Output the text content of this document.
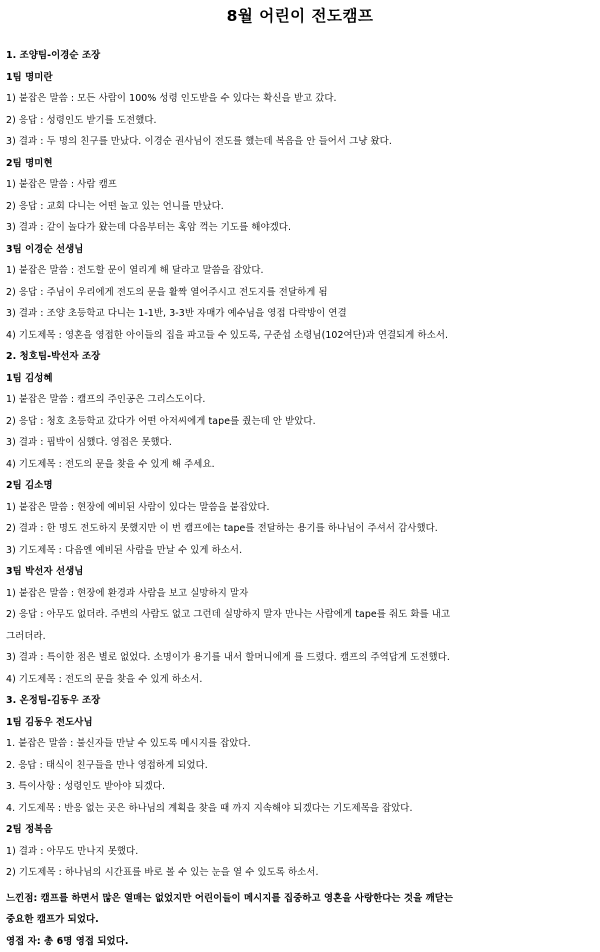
8월 어린이 전도캠프
1. 조양팀-이경순 조장
1팀 명미란
1) 붙잡은 말씀 : 모든 사람이 100% 성령 인도받을 수 있다는 확신을 받고 갔다.
2) 응답 : 성령인도 받기를 도전했다.
3) 결과 : 두 명의 친구를 만났다. 이경순 권사님이 전도를 했는데 복음을 안 들어서 그냥 왔다.
2팀 명미현
1) 붙잡은 말씀 : 사람 캠프
2) 응답 : 교회 다니는 어떤 놀고 있는 언니를 만났다.
3) 결과 : 같이 놀다가 왔는데 다음부터는 혹암 꺽는 기도를 해야겠다.
3팀 이경순 선생님
1) 붙잡은 말씀 : 전도할 문이 열리게 해 달라고 말씀을 잡았다.
2) 응답 : 주님이 우리에게 전도의 문을 활짝 열어주시고 전도지를 전달하게 됨
3) 결과 : 조양 초등학교 다니는 1-1반, 3-3반 자매가 예수님을 영접 다락방이 연결
4) 기도제목 : 영혼을 영접한 아이들의 집을 파고들 수 있도록, 구준섭 소령님(102여단)과 연결되게 하소서.
2. 청호팀-박선자 조장
1팀 김성혜
1) 붙잡은 말씀 : 캠프의 주인공은 그리스도이다.
2) 응답 : 청호 초등학교 갔다가 어떤 아저씨에게 tape를 줬는데 안 받았다.
3) 결과 : 핍박이 심했다. 영접은 못했다.
4) 기도제목 : 전도의 문을 찾을 수 있게 해 주세요.
2팀 김소명
1) 붙잡은 말씀 : 현장에 예비된 사람이 있다는 말씀을 붙잡았다.
2) 결과 : 한 명도 전도하지 못했지만 이 번 캠프에는 tape를 전달하는 용기를 하나님이 주셔서 감사했다.
3) 기도제목 : 다음엔 예비된 사람을 만날 수 있게 하소서.
3팀 박선자 선생님
1) 붙잡은 말씀 : 현장에 환경과 사람을 보고 실망하지 말자
2) 응답 : 아무도 없더라. 주변의 사람도 없고 그런데 실망하지 말자 만나는 사람에게 tape를 줘도 화를 내고
그러더라.
3) 결과 : 특이한 점은 별로 없었다. 소명이가 용기를 내서 할머니에게 를 드렸다. 캠프의 주역답게 도전했다.
4) 기도제목 : 전도의 문을 찾을 수 있게 하소서.
3. 온정팀-김동우 조장
1팀 김동우 전도사님
1. 붙잡은 말씀 : 불신자들 만날 수 있도록 메시지를 잡았다.
2. 응답 : 태식이 친구들을 만나 영접하게 되었다.
3. 특이사항 : 성령인도 받아야 되겠다.
4. 기도제목 : 반응 없는 곳은 하나님의 계획을 찾을 때 까지 지속해야 되겠다는 기도제목을 잡았다.
2팀 정복음
1) 결과 : 아무도 만나지 못했다.
2) 기도제목 : 하나님의 시간표를 바로 볼 수 있는 눈을 열 수 있도록 하소서.
느낀점: 캠프를 하면서 많은 열매는 없었지만 어린이들이 메시지를 집중하고 영혼을 사랑한다는 것을 깨닫는
중요한 캠프가 되었다.
영접 자: 총 6명 영접 되었다.
